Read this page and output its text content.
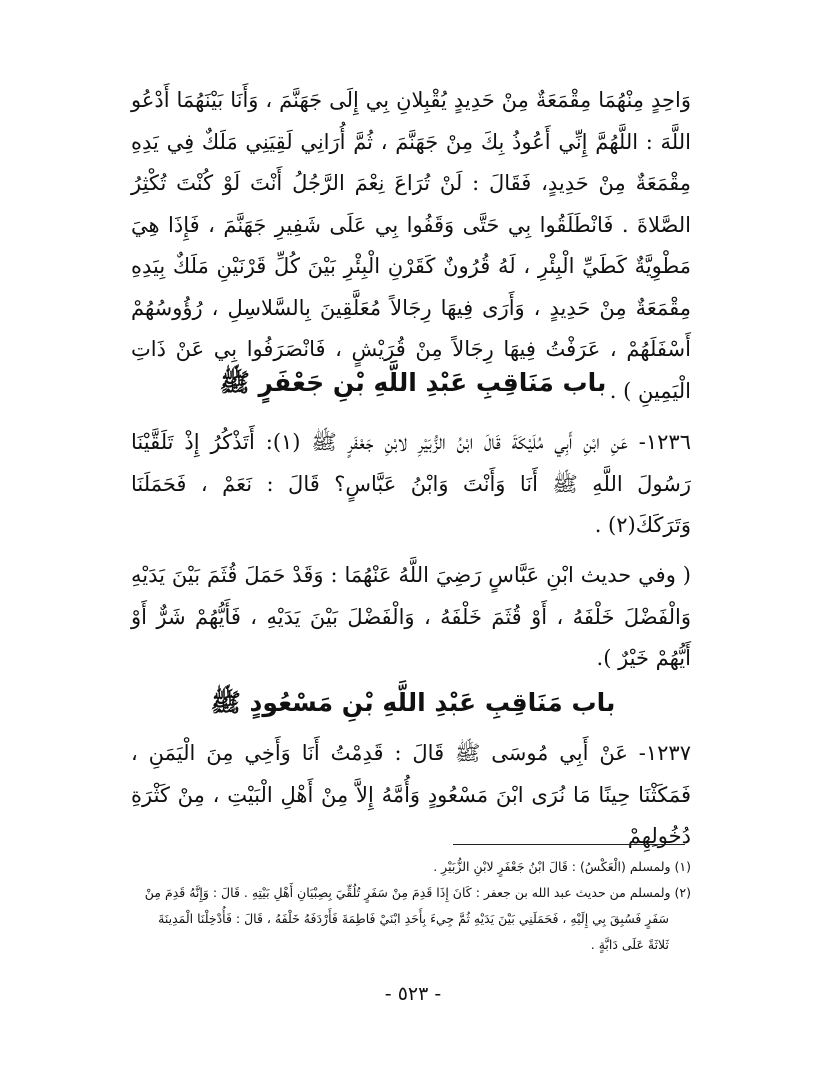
وَاحِدٍ مِنْهُمَا مِقْمَعَةٌ مِنْ حَدِيدٍ يُقْبِلانِ بِي إِلَى جَهَنَّمَ ، وَأَنَا بَيْنَهُمَا أَدْعُو اللَّهَ : اللَّهُمَّ إِنِّي أَعُوذُ بِكَ مِنْ جَهَنَّمَ ، ثُمَّ أُرَانِي لَقِيَنِي مَلَكٌ فِي يَدِهِ مِقْمَعَةٌ مِنْ حَدِيدٍ، فَقَالَ : لَنْ تُرَاعَ نِعْمَ الرَّجُلُ أَنْتَ لَوْ كُنْتَ تُكْثِرُ الصَّلاةَ . فَانْطَلَقُوا بِي حَتَّى وَقَفُوا بِي عَلَى شَفِيرِ جَهَنَّمَ ، فَإِذَا هِيَ مَطْوِيَّةٌ كَطَيِّ الْبِئْرِ ، لَهُ قُرُونٌ كَقَرْنِ الْبِئْرِ بَيْنَ كُلِّ قَرْنَيْنِ مَلَكٌ بِيَدِهِ مِقْمَعَةٌ مِنْ حَدِيدٍ ، وَأَرَى فِيهَا رِجَالاً مُعَلَّقِينَ بِالسَّلاسِلِ ، رُؤُوسُهُمْ أَسْفَلَهُمْ ، عَرَفْتُ فِيهَا رِجَالاً مِنْ قُرَيْشٍ ، فَانْصَرَفُوا بِي عَنْ ذَاتِ الْيَمِينِ ) .
باب مَنَاقِبِ عَبْدِ اللَّهِ بْنِ جَعْفَرٍ ﷺ
١٢٣٦- عَنِ ابْنِ أَبِي مُلَيْكَةَ قَالَ ابْنُ الزُّبَيْرِ لابْنِ جَعْفَرٍ ﷺ (١): أَتَذْكُرُ إِذْ تَلَقَّيْنَا رَسُولَ اللَّهِ ﷺ أَنَا وَأَنْتَ وَابْنُ عَبَّاسٍ؟ قَالَ : نَعَمْ ، فَحَمَلَنَا وَتَرَكَكَ(٢) .
( وفي حديث ابْنِ عَبَّاسٍ رَضِيَ اللَّهُ عَنْهُمَا : وَقَدْ حَمَلَ قُثَمَ بَيْنَ يَدَيْهِ وَالْفَضْلَ خَلْفَهُ ، أَوْ قُثَمَ خَلْفَهُ ، وَالْفَضْلَ بَيْنَ يَدَيْهِ ، فَأَيُّهُمْ شَرٌّ أَوْ أَيُّهُمْ خَيْرٌ ).
باب مَنَاقِبِ عَبْدِ اللَّهِ بْنِ مَسْعُودٍ ﷺ
١٢٣٧- عَنْ أَبِي مُوسَى ﷺ قَالَ : قَدِمْتُ أَنَا وَأَخِي مِنَ الْيَمَنِ ، فَمَكَثْنَا حِينًا مَا نُرَى ابْنَ مَسْعُودٍ وَأُمَّهُ إِلاَّ مِنْ أَهْلِ الْبَيْتِ ، مِنْ كَثْرَةِ دُخُولِهِمْ
(١) ولمسلم (الْعَكْسُ) : قَالَ ابْنُ جَعْفَرٍ لابْنِ الزُّبَيْرِ .
(٢) ولمسلم من حديث عبد الله بن جعفر : كَانَ إِذَا قَدِمَ مِنْ سَفَرٍ تُلُقِّيَ بِصِبْيَانِ أَهْلِ بَيْتِهِ . قَالَ : وَإِنَّهُ قَدِمَ مِنْ
سَفَرٍ فَسُبِقَ بِي إِلَيْهِ ، فَحَمَلَنِي بَيْنَ يَدَيْهِ ثُمَّ جِيءَ بِأَحَدِ ابْنَيْ فَاطِمَةَ فَأَرْدَفَهُ خَلْفَهُ ، قَالَ : فَأُدْخِلْنَا الْمَدِينَةَ
ثَلاثَةً عَلَى دَابَّةٍ .
- ٥٢٣ -
